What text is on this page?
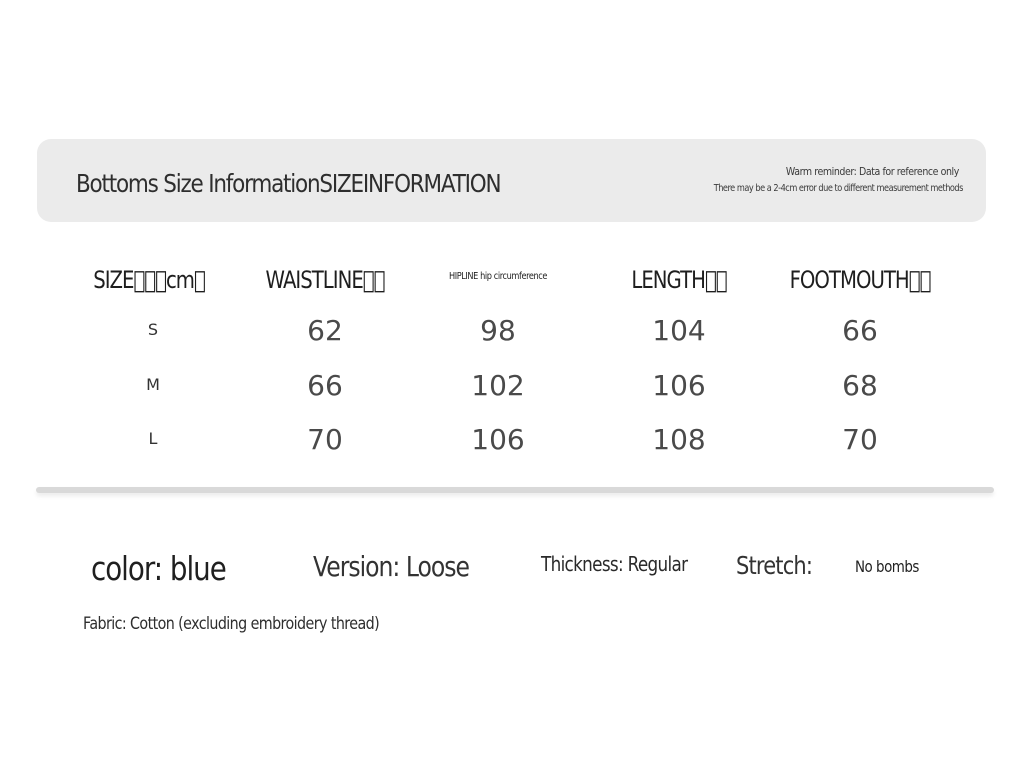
Bottoms Size InformationSIZEINFORMATION	Warm reminder: Data for reference only
There may be a 2-4cm error due to different measurement methods
SIZE   cm 	WAISTLINE  	HIPLINE hip circumference	LENGTH  	FOOTMOUTH  
S	62	98	104	66
M	66	102	106	68
L	70	106	108	70
color: blue	Version: Loose	Thickness: Regular Stretch:	No bombs
Fabric: Cotton (excluding embroidery thread)
